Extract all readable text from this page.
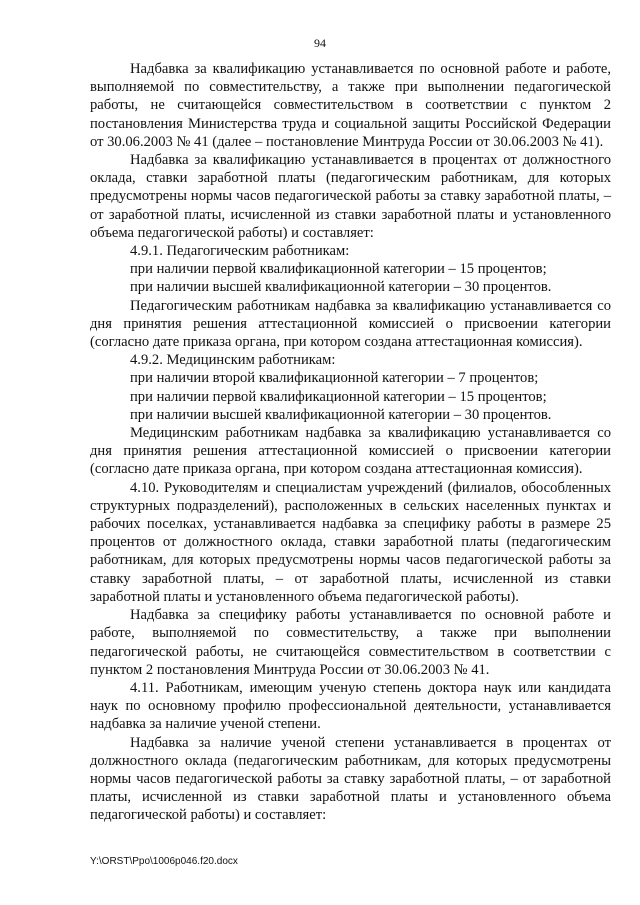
94

Надбавка за квалификацию устанавливается по основной работе и работе, выполняемой по совместительству, а также при выполнении педагогической работы, не считающейся совместительством в соответствии с пунктом 2 постановления Министерства труда и социальной защиты Российской Федерации от 30.06.2003 № 41 (далее – постановление Минтруда России от 30.06.2003 № 41).

Надбавка за квалификацию устанавливается в процентах от должностного оклада, ставки заработной платы (педагогическим работникам, для которых предусмотрены нормы часов педагогической работы за ставку заработной платы, – от заработной платы, исчисленной из ставки заработной платы и установленного объема педагогической работы) и составляет:

4.9.1. Педагогическим работникам:

при наличии первой квалификационной категории – 15 процентов;

при наличии высшей квалификационной категории – 30 процентов.

Педагогическим работникам надбавка за квалификацию устанавливается со дня принятия решения аттестационной комиссией о присвоении категории (согласно дате приказа органа, при котором создана аттестационная комиссия).

4.9.2. Медицинским работникам:

при наличии второй квалификационной категории – 7 процентов;

при наличии первой квалификационной категории – 15 процентов;

при наличии высшей квалификационной категории – 30 процентов.

Медицинским работникам надбавка за квалификацию устанавливается со дня принятия решения аттестационной комиссией о присвоении категории (согласно дате приказа органа, при котором создана аттестационная комиссия).

4.10. Руководителям и специалистам учреждений (филиалов, обособленных структурных подразделений), расположенных в сельских населенных пунктах и рабочих поселках, устанавливается надбавка за специфику работы в размере 25 процентов от должностного оклада, ставки заработной платы (педагогическим работникам, для которых предусмотрены нормы часов педагогической работы за ставку заработной платы, – от заработной платы, исчисленной из ставки заработной платы и установленного объема педагогической работы).

Надбавка за специфику работы устанавливается по основной работе и работе, выполняемой по совместительству, а также при выполнении педагогической работы, не считающейся совместительством в соответствии с пунктом 2 постановления Минтруда России от 30.06.2003 № 41.

4.11. Работникам, имеющим ученую степень доктора наук или кандидата наук по основному профилю профессиональной деятельности, устанавливается надбавка за наличие ученой степени.

Надбавка за наличие ученой степени устанавливается в процентах от должностного оклада (педагогическим работникам, для которых предусмотрены нормы часов педагогической работы за ставку заработной платы, – от заработной платы, исчисленной из ставки заработной платы и установленного объема педагогической работы) и составляет:

Y:\ORST\Ppo\1006p046.f20.docx
